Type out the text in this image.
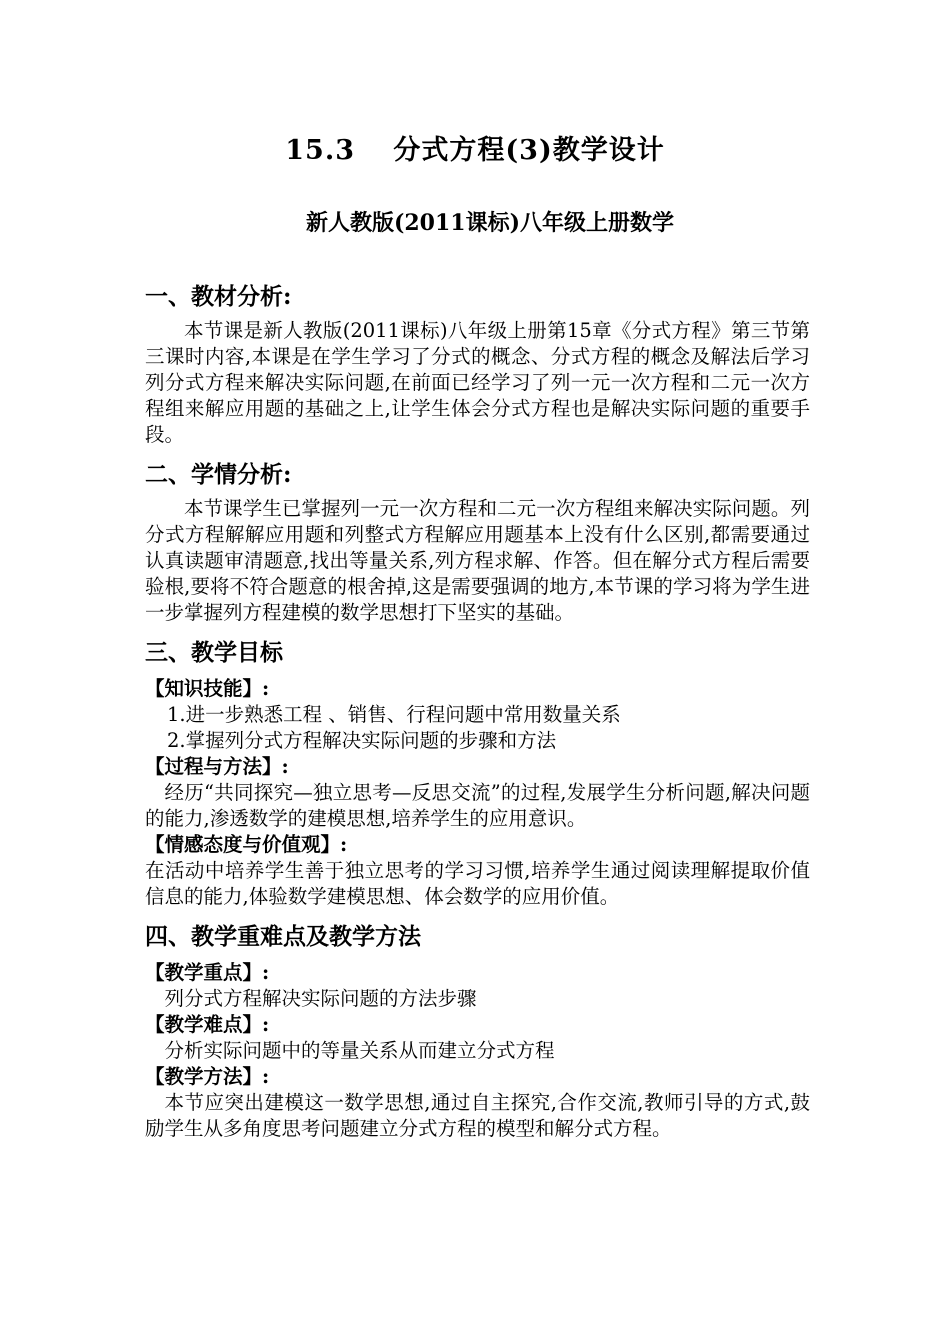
15.3　 分式方程(3)教学设计
新人教版(2011课标)八年级上册数学
一、教材分析:

本节课是新人教版(2011课标)八年级上册第15章《分式方程》第三节第三课时内容,本课是在学生学习了分式的概念、分式方程的概念及解法后学习列分式方程来解决实际问题,在前面已经学习了列一元一次方程和二元一次方程组来解应用题的基础之上,让学生体会分式方程也是解决实际问题的重要手段。

二、学情分析:

本节课学生已掌握列一元一次方程和二元一次方程组来解决实际问题。列分式方程解解应用题和列整式方程解应用题基本上没有什么区别,都需要通过认真读题审清题意,找出等量关系,列方程求解、作答。但在解分式方程后需要验根,要将不符合题意的根舍掉,这是需要强调的地方,本节课的学习将为学生进一步掌握列方程建模的数学思想打下坚实的基础。

三、教学目标
【知识技能】:
1.进一步熟悉工程 、销售、行程问题中常用数量关系
2.掌握列分式方程解决实际问题的步骤和方法
【过程与方法】:

经历“共同探究—独立思考—反思交流”的过程,发展学生分析问题,解决问题的能力,渗透数学的建模思想,培养学生的应用意识。

【情感态度与价值观】:

在活动中培养学生善于独立思考的学习习惯,培养学生通过阅读理解提取价值信息的能力,体验数学建模思想、体会数学的应用价值。

四、教学重难点及教学方法
【教学重点】:

列分式方程解决实际问题的方法步骤

【教学难点】:

分析实际问题中的等量关系从而建立分式方程

【教学方法】:

本节应突出建模这一数学思想,通过自主探究,合作交流,教师引导的方式,鼓励学生从多角度思考问题建立分式方程的模型和解分式方程。
